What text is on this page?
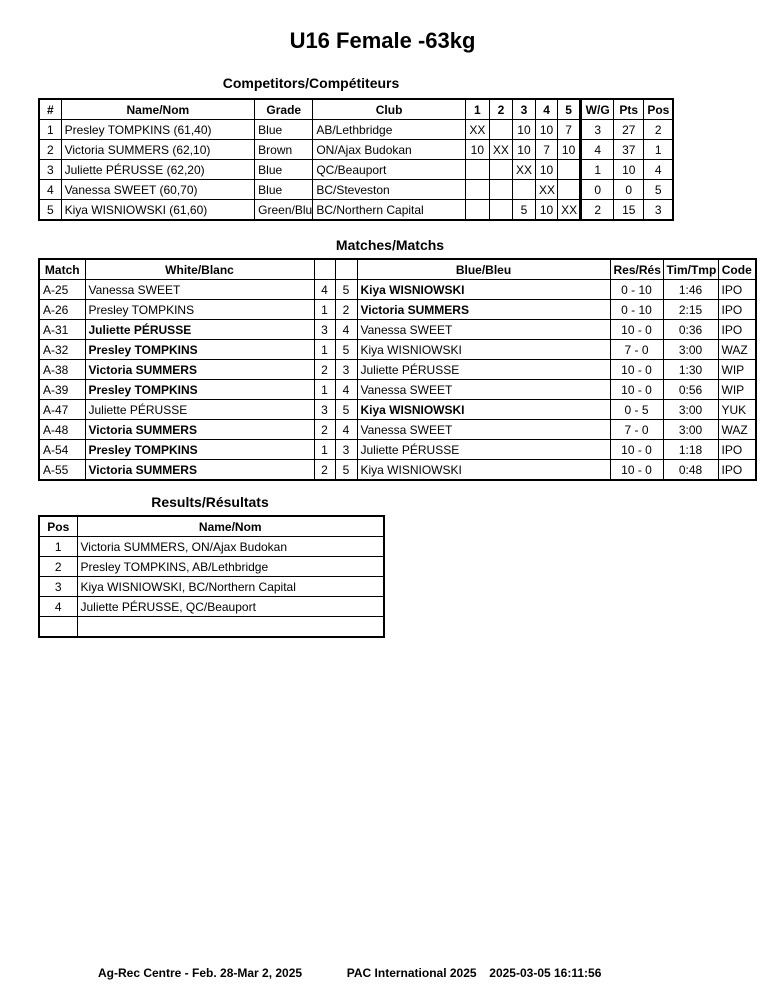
U16 Female -63kg
Competitors/Compétiteurs
#	Name/Nom	Grade	Club	1	2	3	4	5	W/G	Pts	Pos
1	Presley TOMPKINS (61,40)	Blue	AB/Lethbridge	XX		10	10	7	3	27	2
2	Victoria SUMMERS (62,10)	Brown	ON/Ajax Budokan	10	XX	10	7	10	4	37	1
3	Juliette PÉRUSSE (62,20)	Blue	QC/Beauport			XX	10		1	10	4
4	Vanessa SWEET (60,70)	Blue	BC/Steveston				XX		0	0	5
5	Kiya WISNIOWSKI (61,60)	Green/Blu	BC/Northern Capital			5	10	XX	2	15	3
Matches/Matchs
Match	White/Blanc			Blue/Bleu	Res/Rés	Tim/Tmp	Code
A-25	Vanessa SWEET	4	5	Kiya WISNIOWSKI	0 - 10	1:46	IPO
A-26	Presley TOMPKINS	1	2	Victoria SUMMERS	0 - 10	2:15	IPO
A-31	Juliette PÉRUSSE	3	4	Vanessa SWEET	10 - 0	0:36	IPO
A-32	Presley TOMPKINS	1	5	Kiya WISNIOWSKI	7 - 0	3:00	WAZ
A-38	Victoria SUMMERS	2	3	Juliette PÉRUSSE	10 - 0	1:30	WIP
A-39	Presley TOMPKINS	1	4	Vanessa SWEET	10 - 0	0:56	WIP
A-47	Juliette PÉRUSSE	3	5	Kiya WISNIOWSKI	0 - 5	3:00	YUK
A-48	Victoria SUMMERS	2	4	Vanessa SWEET	7 - 0	3:00	WAZ
A-54	Presley TOMPKINS	1	3	Juliette PÉRUSSE	10 - 0	1:18	IPO
A-55	Victoria SUMMERS	2	5	Kiya WISNIOWSKI	10 - 0	0:48	IPO
Results/Résultats
Pos	Name/Nom
1	Victoria SUMMERS, ON/Ajax Budokan
2	Presley TOMPKINS, AB/Lethbridge
3	Kiya WISNIOWSKI, BC/Northern Capital
4	Juliette PÉRUSSE, QC/Beauport

Ag-Rec Centre - Feb. 28-Mar 2, 2025	PAC International 2025 2025-03-05 16:11:56
